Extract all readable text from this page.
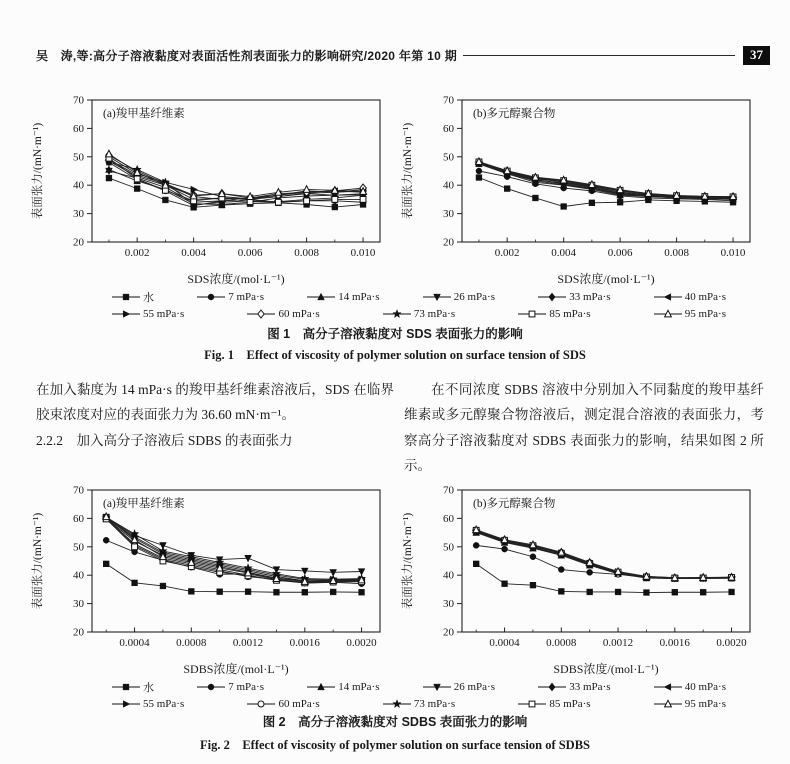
吴　涛,等:高分子溶液黏度对表面活性剂表面张力的影响研究/2020 年第 10 期	37
20
30
40
50
60
70
0.002	0.004	0.006	0.008	0.010
(a)羧甲基纤维素
SDS浓度/(mol·L⁻¹)
表面张力/(mN·m⁻¹)
20
30
40
50
60
70
0.002	0.004	0.006	0.008	0.010
(b)多元醇聚合物
SDS浓度/(mol·L⁻¹)
表面张力/(mN·m⁻¹)
水	7 mPa·s	14 mPa·s	26 mPa·s	33 mPa·s	40 mPa·s
55 mPa·s	60 mPa·s	73 mPa·s	85 mPa·s	95 mPa·s
图 1　高分子溶液黏度对 SDS 表面张力的影响
Fig. 1　Effect of viscosity of polymer solution on surface tension of SDS

在加入黏度为 14 mPa·s 的羧甲基纤维素溶液后，SDS 在临界胶束浓度对应的表面张力为 36.60 mN·m⁻¹。

2.2.2　加入高分子溶液后 SDBS 的表面张力

在不同浓度 SDBS 溶液中分别加入不同黏度的羧甲基纤维素或多元醇聚合物溶液后，测定混合溶液的表面张力，考察高分子溶液黏度对 SDBS 表面张力的影响，结果如图 2 所示。

20
30
40
50
60
70
0.0004 0.0008 0.0012 0.0016 0.0020
(a)羧甲基纤维素
SDBS浓度/(mol·L⁻¹)
表面张力/(mN·m⁻¹)
20
30
40
50
60
70
0.0004 0.0008 0.0012 0.0016 0.0020
(b)多元醇聚合物
SDBS浓度/(mol·L⁻¹)
表面张力/(mN·m⁻¹)
水	7 mPa·s	14 mPa·s	26 mPa·s	33 mPa·s	40 mPa·s
55 mPa·s	60 mPa·s	73 mPa·s	85 mPa·s	95 mPa·s
图 2　高分子溶液黏度对 SDBS 表面张力的影响
Fig. 2　Effect of viscosity of polymer solution on surface tension of SDBS
